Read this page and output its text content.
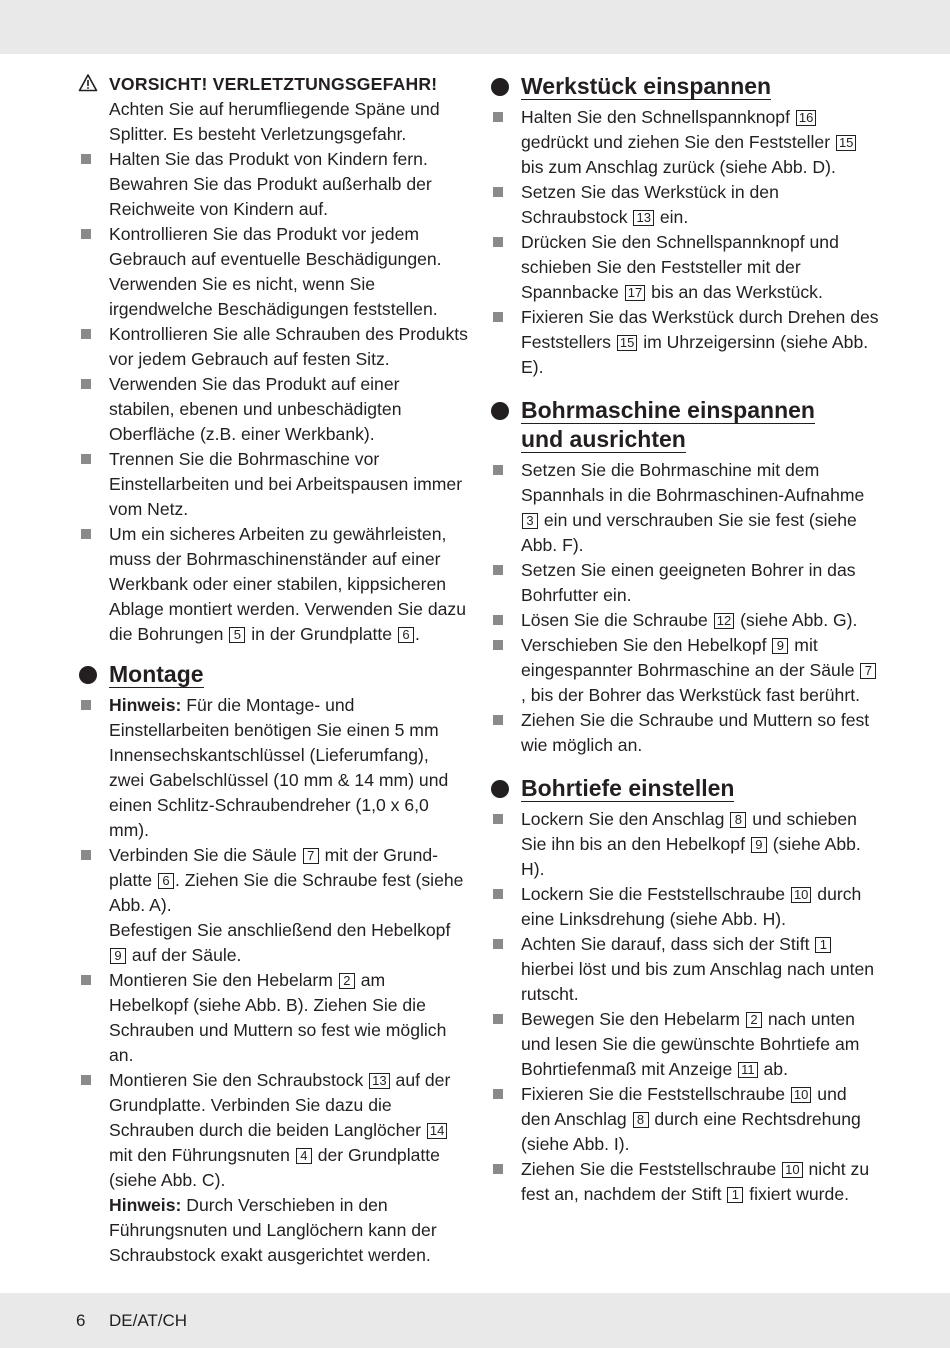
VORSICHT! VERLETZTUNGSGEFAHR!
Achten Sie auf herumfliegende Späne und Splitter. Es besteht Verletzungsgefahr.
Halten Sie das Produkt von Kindern fern. Bewahren Sie das Produkt außerhalb der Reichweite von Kindern auf.
Kontrollieren Sie das Produkt vor jedem Gebrauch auf eventuelle Beschädigungen. Verwenden Sie es nicht, wenn Sie irgendwelche Beschädigungen feststellen.
Kontrollieren Sie alle Schrauben des Produkts vor jedem Gebrauch auf festen Sitz.
Verwenden Sie das Produkt auf einer stabilen, ebenen und unbeschädigten Oberfläche (z.B. einer Werkbank).
Trennen Sie die Bohrmaschine vor Einstellarbeiten und bei Arbeitspausen immer vom Netz.
Um ein sicheres Arbeiten zu gewährleisten, muss der Bohrmaschinenständer auf einer Werkbank oder einer stabilen, kippsicheren Ablage montiert werden. Verwenden Sie dazu die Bohrungen 5 in der Grundplatte 6 .
Montage
Hinweis: Für die Montage- und Einstellarbeiten benötigen Sie einen 5 mm Innensechskantschlüssel (Lieferumfang), zwei Gabelschlüssel (10 mm & 14 mm) und einen Schlitz-Schraubendreher (1,0 x 6,0 mm).
Verbinden Sie die Säule 7 mit der Grund-platte 6 . Ziehen Sie die Schraube fest (siehe Abb. A).
Befestigen Sie anschließend den Hebelkopf 9 auf der Säule.
Montieren Sie den Hebelarm 2 am Hebelkopf (siehe Abb. B). Ziehen Sie die Schrauben und Muttern so fest wie möglich an.
Montieren Sie den Schraubstock 13 auf der Grundplatte. Verbinden Sie dazu die Schrauben durch die beiden Langlöcher 14 mit den Führungsnuten 4 der Grundplatte (siehe Abb. C).
Hinweis: Durch Verschieben in den Führungsnuten und Langlöchern kann der Schraubstock exakt ausgerichtet werden.
Werkstück einspannen
Halten Sie den Schnellspannknopf 16 gedrückt und ziehen Sie den Feststeller 15 bis zum Anschlag zurück (siehe Abb. D).
Setzen Sie das Werkstück in den Schraubstock 13 ein.
Drücken Sie den Schnellspannknopf und schieben Sie den Feststeller mit der Spannbacke 17 bis an das Werkstück.
Fixieren Sie das Werkstück durch Drehen des Feststellers 15 im Uhrzeigersinn (siehe Abb. E).
Bohrmaschine einspannen
und ausrichten
Setzen Sie die Bohrmaschine mit dem Spannhals in die Bohrmaschinen-Aufnahme 3 ein und verschrauben Sie sie fest (siehe Abb. F).
Setzen Sie einen geeigneten Bohrer in das Bohrfutter ein.
Lösen Sie die Schraube 12 (siehe Abb. G).
Verschieben Sie den Hebelkopf 9 mit eingespannter Bohrmaschine an der Säule 7, bis der Bohrer das Werkstück fast berührt.
Ziehen Sie die Schraube und Muttern so fest wie möglich an.
Bohrtiefe einstellen
Lockern Sie den Anschlag 8 und schieben Sie ihn bis an den Hebelkopf 9 (siehe Abb. H).
Lockern Sie die Feststellschraube 10 durch eine Linksdrehung (siehe Abb. H).
Achten Sie darauf, dass sich der Stift 1 hierbei löst und bis zum Anschlag nach unten rutscht.
Bewegen Sie den Hebelarm 2 nach unten und lesen Sie die gewünschte Bohrtiefe am Bohrtiefenmaß mit Anzeige 11 ab.
Fixieren Sie die Feststellschraube 10 und den Anschlag 8 durch eine Rechtsdrehung (siehe Abb. I).
Ziehen Sie die Feststellschraube 10 nicht zu fest an, nachdem der Stift 1 fixiert wurde.
6 DE/AT/CH
